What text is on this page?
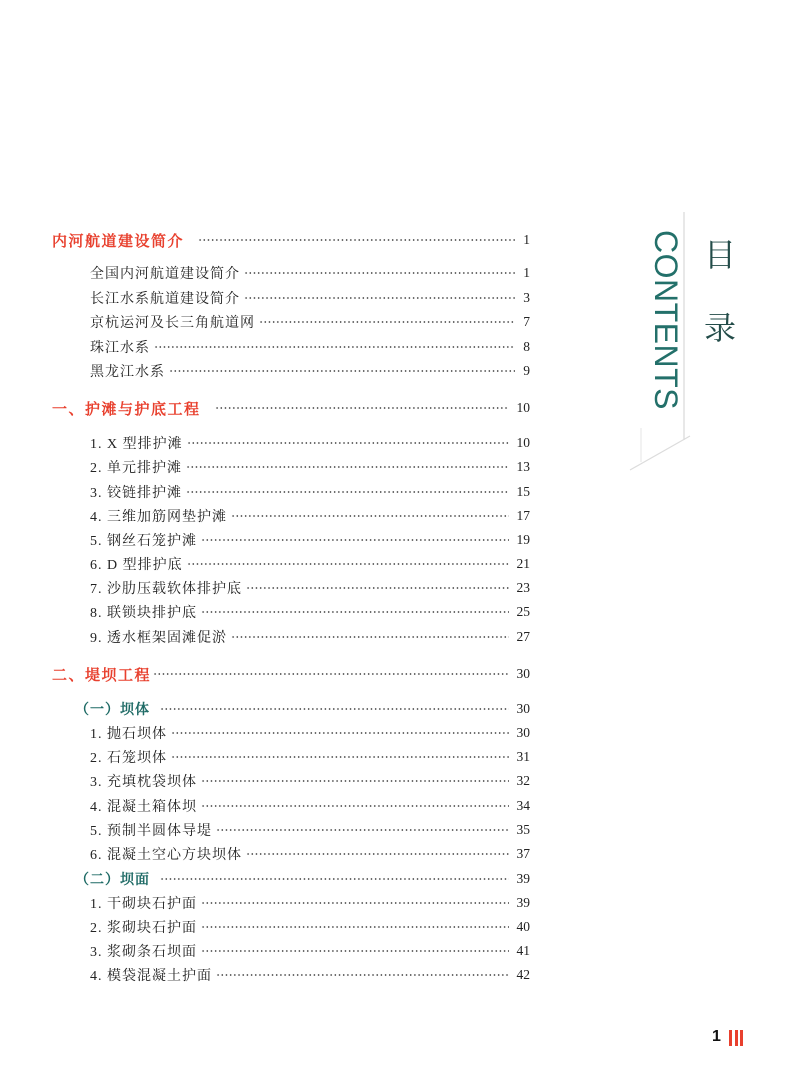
目
录
CONTENTS
内河航道建设简介	1
全国内河航道建设简介	1
长江水系航道建设简介	3
京杭运河及长三角航道网	7
珠江水系	8
黑龙江水系	9
一、护滩与护底工程	10
1. X 型排护滩	10
2. 单元排护滩	13
3. 铰链排护滩	15
4. 三维加筋网垫护滩	17
5. 钢丝石笼护滩	19
6. D 型排护底	21
7. 沙肋压载软体排护底	23
8. 联锁块排护底	25
9. 透水框架固滩促淤	27
二、堤坝工程	30
（一）坝体	30
1. 抛石坝体	30
2. 石笼坝体	31
3. 充填枕袋坝体	32
4. 混凝土箱体坝	34
5. 预制半圆体导堤	35
6. 混凝土空心方块坝体	37
（二）坝面	39
1. 干砌块石护面	39
2. 浆砌块石护面	40
3. 浆砌条石坝面	41
4. 模袋混凝土护面	42
1
